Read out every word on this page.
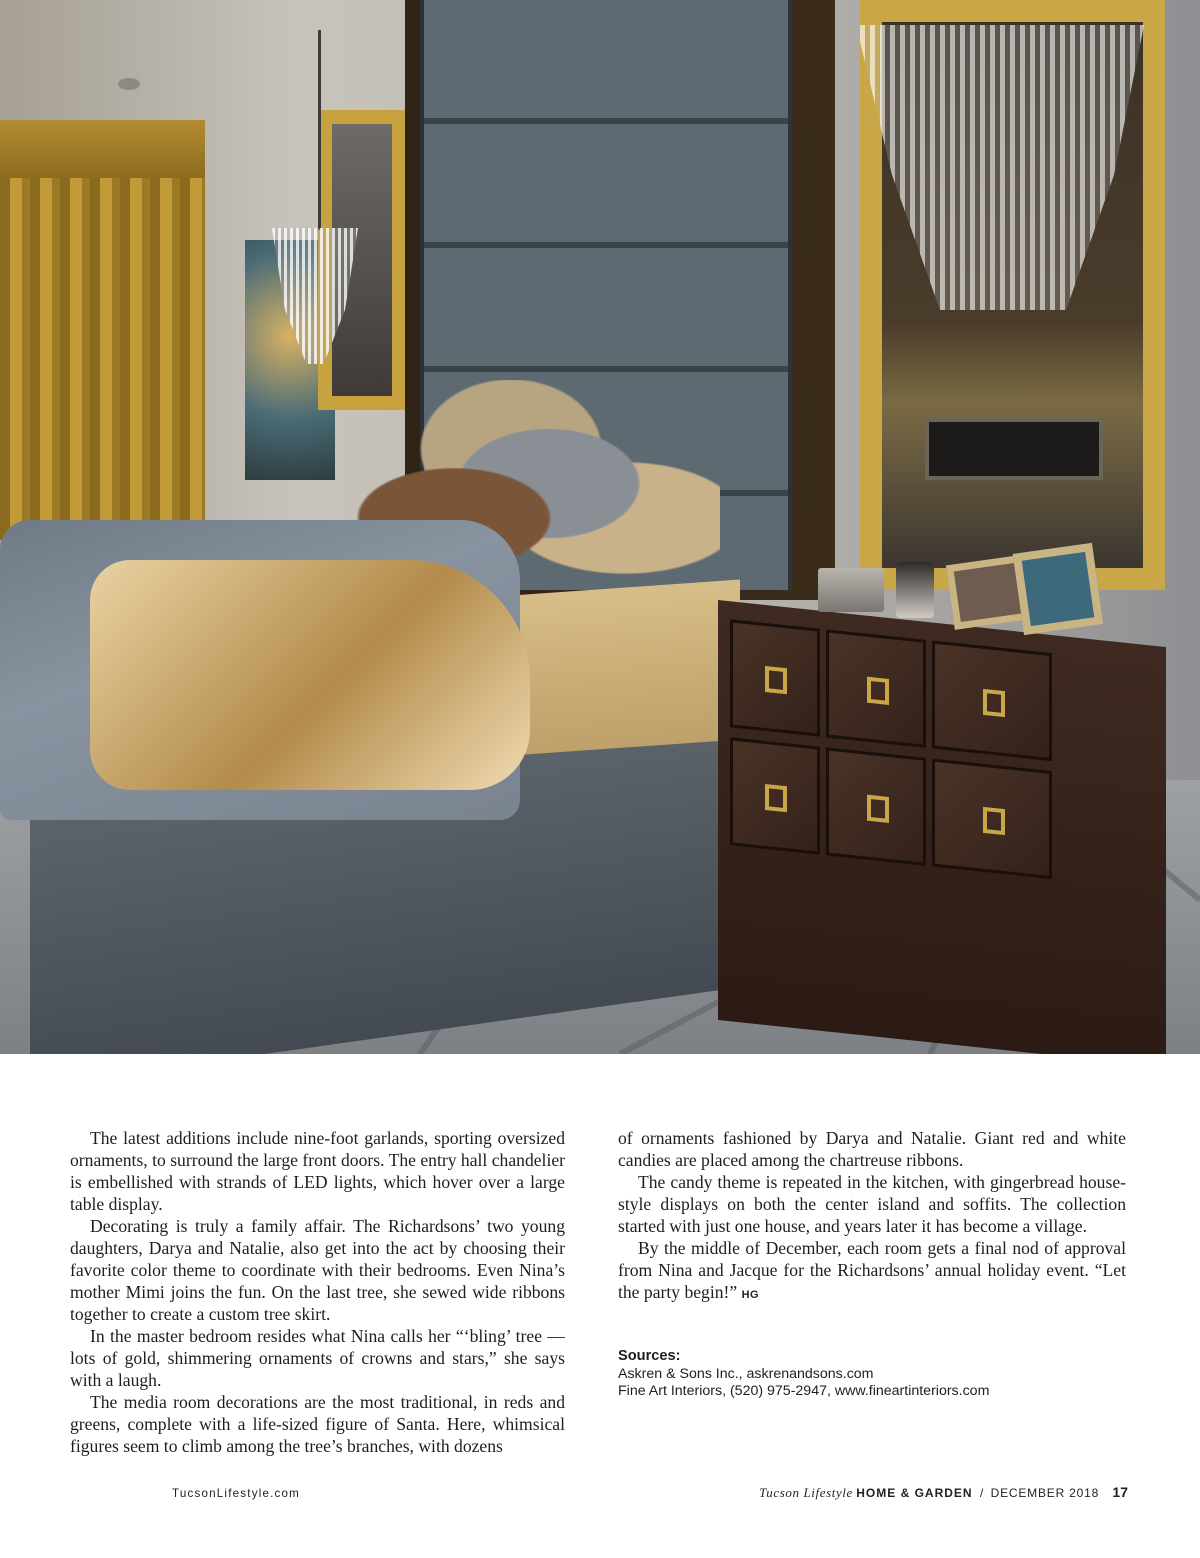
The latest additions include nine-foot garlands, sporting oversized ornaments, to surround the large front doors. The entry hall chandelier is embellished with strands of LED lights, which hover over a large table display.

Decorating is truly a family affair. The Richardsons’ two young daughters, Darya and Natalie, also get into the act by choosing their favorite color theme to coordinate with their bedrooms. Even Nina’s mother Mimi joins the fun. On the last tree, she sewed wide ribbons together to create a custom tree skirt.

In the master bedroom resides what Nina calls her “‘bling’ tree — lots of gold, shimmering ornaments of crowns and stars,” she says with a laugh.

The media room decorations are the most traditional, in reds and greens, complete with a life-sized figure of Santa. Here, whimsical figures seem to climb among the tree’s branches, with dozens

of ornaments fashioned by Darya and Natalie. Giant red and white candies are placed among the chartreuse ribbons.

The candy theme is repeated in the kitchen, with gingerbread house-style displays on both the center island and soffits. The collection started with just one house, and years later it has become a village.

By the middle of December, each room gets a final nod of approval from Nina and Jacque for the Richardsons’ annual holiday event. “Let the party begin!” HG

Sources:
Askren & Sons Inc., askrenandsons.com
Fine Art Interiors, (520) 975-2947, www.fineartinteriors.com
TucsonLifestyle.com	Tucson Lifestyle HOME & GARDEN / DECEMBER 2018 17
